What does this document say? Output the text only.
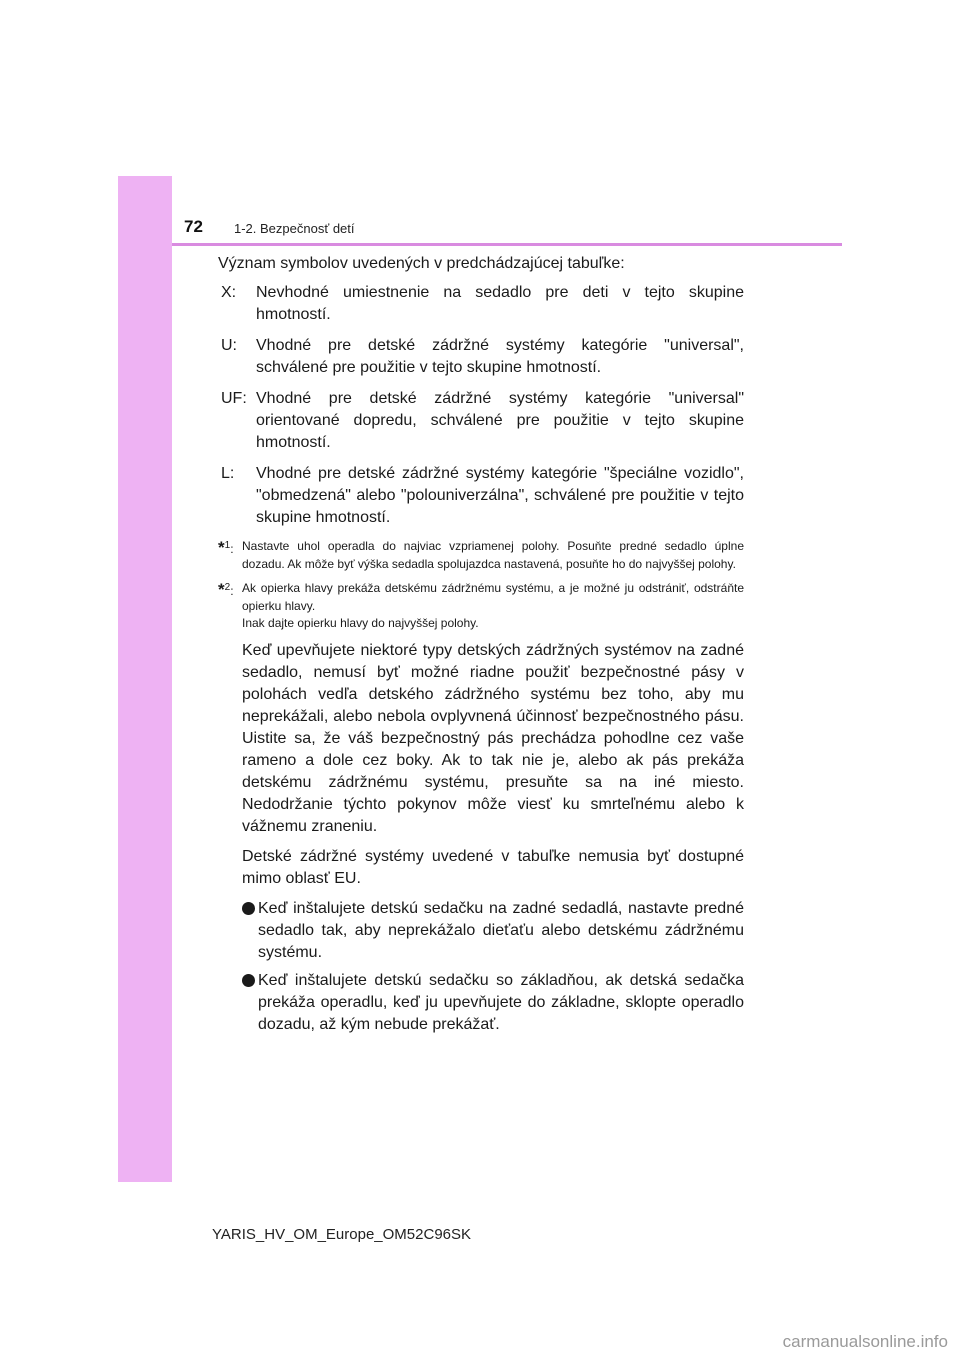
72 1-2. Bezpečnosť detí

Význam symbolov uvedených v predchádzajúcej tabuľke:

X: Nevhodné umiestnenie na sedadlo pre deti v tejto skupine hmotností.
U: Vhodné pre detské zádržné systémy kategórie "universal", schválené pre použitie v tejto skupine hmotností.
UF: Vhodné pre detské zádržné systémy kategórie "universal" orientované dopredu, schválené pre použitie v tejto skupine hmotností.
L: Vhodné pre detské zádržné systémy kategórie "špeciálne vozidlo", "obmedzená" alebo "polouniverzálna", schválené pre použitie v tejto skupine hmotností.
*$^1$: Nastavte uhol operadla do najviac vzpriamenej polohy. Posuňte predné sedadlo úplne dozadu. Ak môže byť výška sedadla spolujazdca nastavená, posuňte ho do najvyššej polohy.
*$^2$: Ak opierka hlavy prekáža detskému zádržnému systému, a je možné ju odstrániť, odstráňte opierku hlavy.
Inak dajte opierku hlavy do najvyššej polohy.

Keď upevňujete niektoré typy detských zádržných systémov na zadné sedadlo, nemusí byť možné riadne použiť bezpečnostné pásy v polohách vedľa detského zádržného systému bez toho, aby mu neprekážali, alebo nebola ovplyvnená účinnosť bezpečnostného pásu. Uistite sa, že váš bezpečnostný pás prechádza pohodlne cez vaše rameno a dole cez boky. Ak to tak nie je, alebo ak pás prekáža detskému zádržnému systému, presuňte sa na iné miesto. Nedodržanie týchto pokynov môže viesť ku smrteľnému alebo k vážnemu zraneniu.

Detské zádržné systémy uvedené v tabuľke nemusia byť dostupné mimo oblasť EU.

Keď inštalujete detskú sedačku na zadné sedadlá, nastavte predné sedadlo tak, aby neprekážalo dieťaťu alebo detskému zádržnému systému.
Keď inštalujete detskú sedačku so základňou, ak detská sedačka prekáža operadlu, keď ju upevňujete do základne, sklopte operadlo dozadu, až kým nebude prekážať.
YARIS_HV_OM_Europe_OM52C96SK
carmanualsonline.info
